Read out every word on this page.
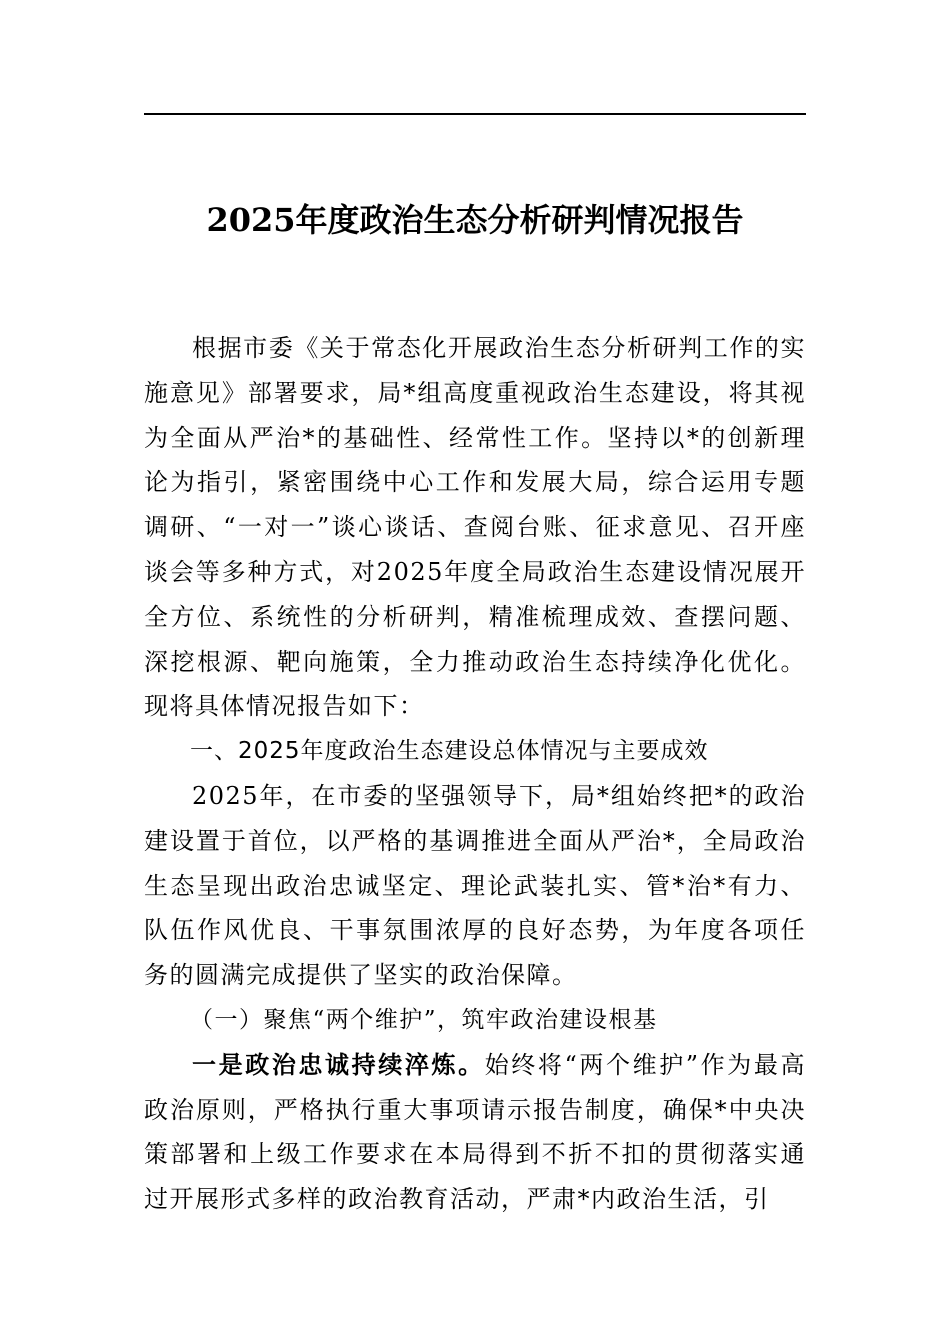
2025年度政治生态分析研判情况报告

根据市委《关于常态化开展政治生态分析研判工作的实施意见》部署要求，局*组高度重视政治生态建设，将其视为全面从严治*的基础性、经常性工作。坚持以*的创新理论为指引，紧密围绕中心工作和发展大局，综合运用专题调研、“一对一”谈心谈话、查阅台账、征求意见、召开座谈会等多种方式，对2025年度全局政治生态建设情况展开全方位、系统性的分析研判，精准梳理成效、查摆问题、深挖根源、靶向施策，全力推动政治生态持续净化优化。现将具体情况报告如下：

一、2025年度政治生态建设总体情况与主要成效

2025年，在市委的坚强领导下，局*组始终把*的政治建设置于首位，以严格的基调推进全面从严治*，全局政治生态呈现出政治忠诚坚定、理论武装扎实、管*治*有力、队伍作风优良、干事氛围浓厚的良好态势，为年度各项任务的圆满完成提供了坚实的政治保障。

（一）聚焦“两个维护”，筑牢政治建设根基

一是政治忠诚持续淬炼。始终将“两个维护”作为最高政治原则，严格执行重大事项请示报告制度，确保*中央决策部署和上级工作要求在本局得到不折不扣的贯彻落实通过开展形式多样的政治教育活动，严肃*内政治生活，引
